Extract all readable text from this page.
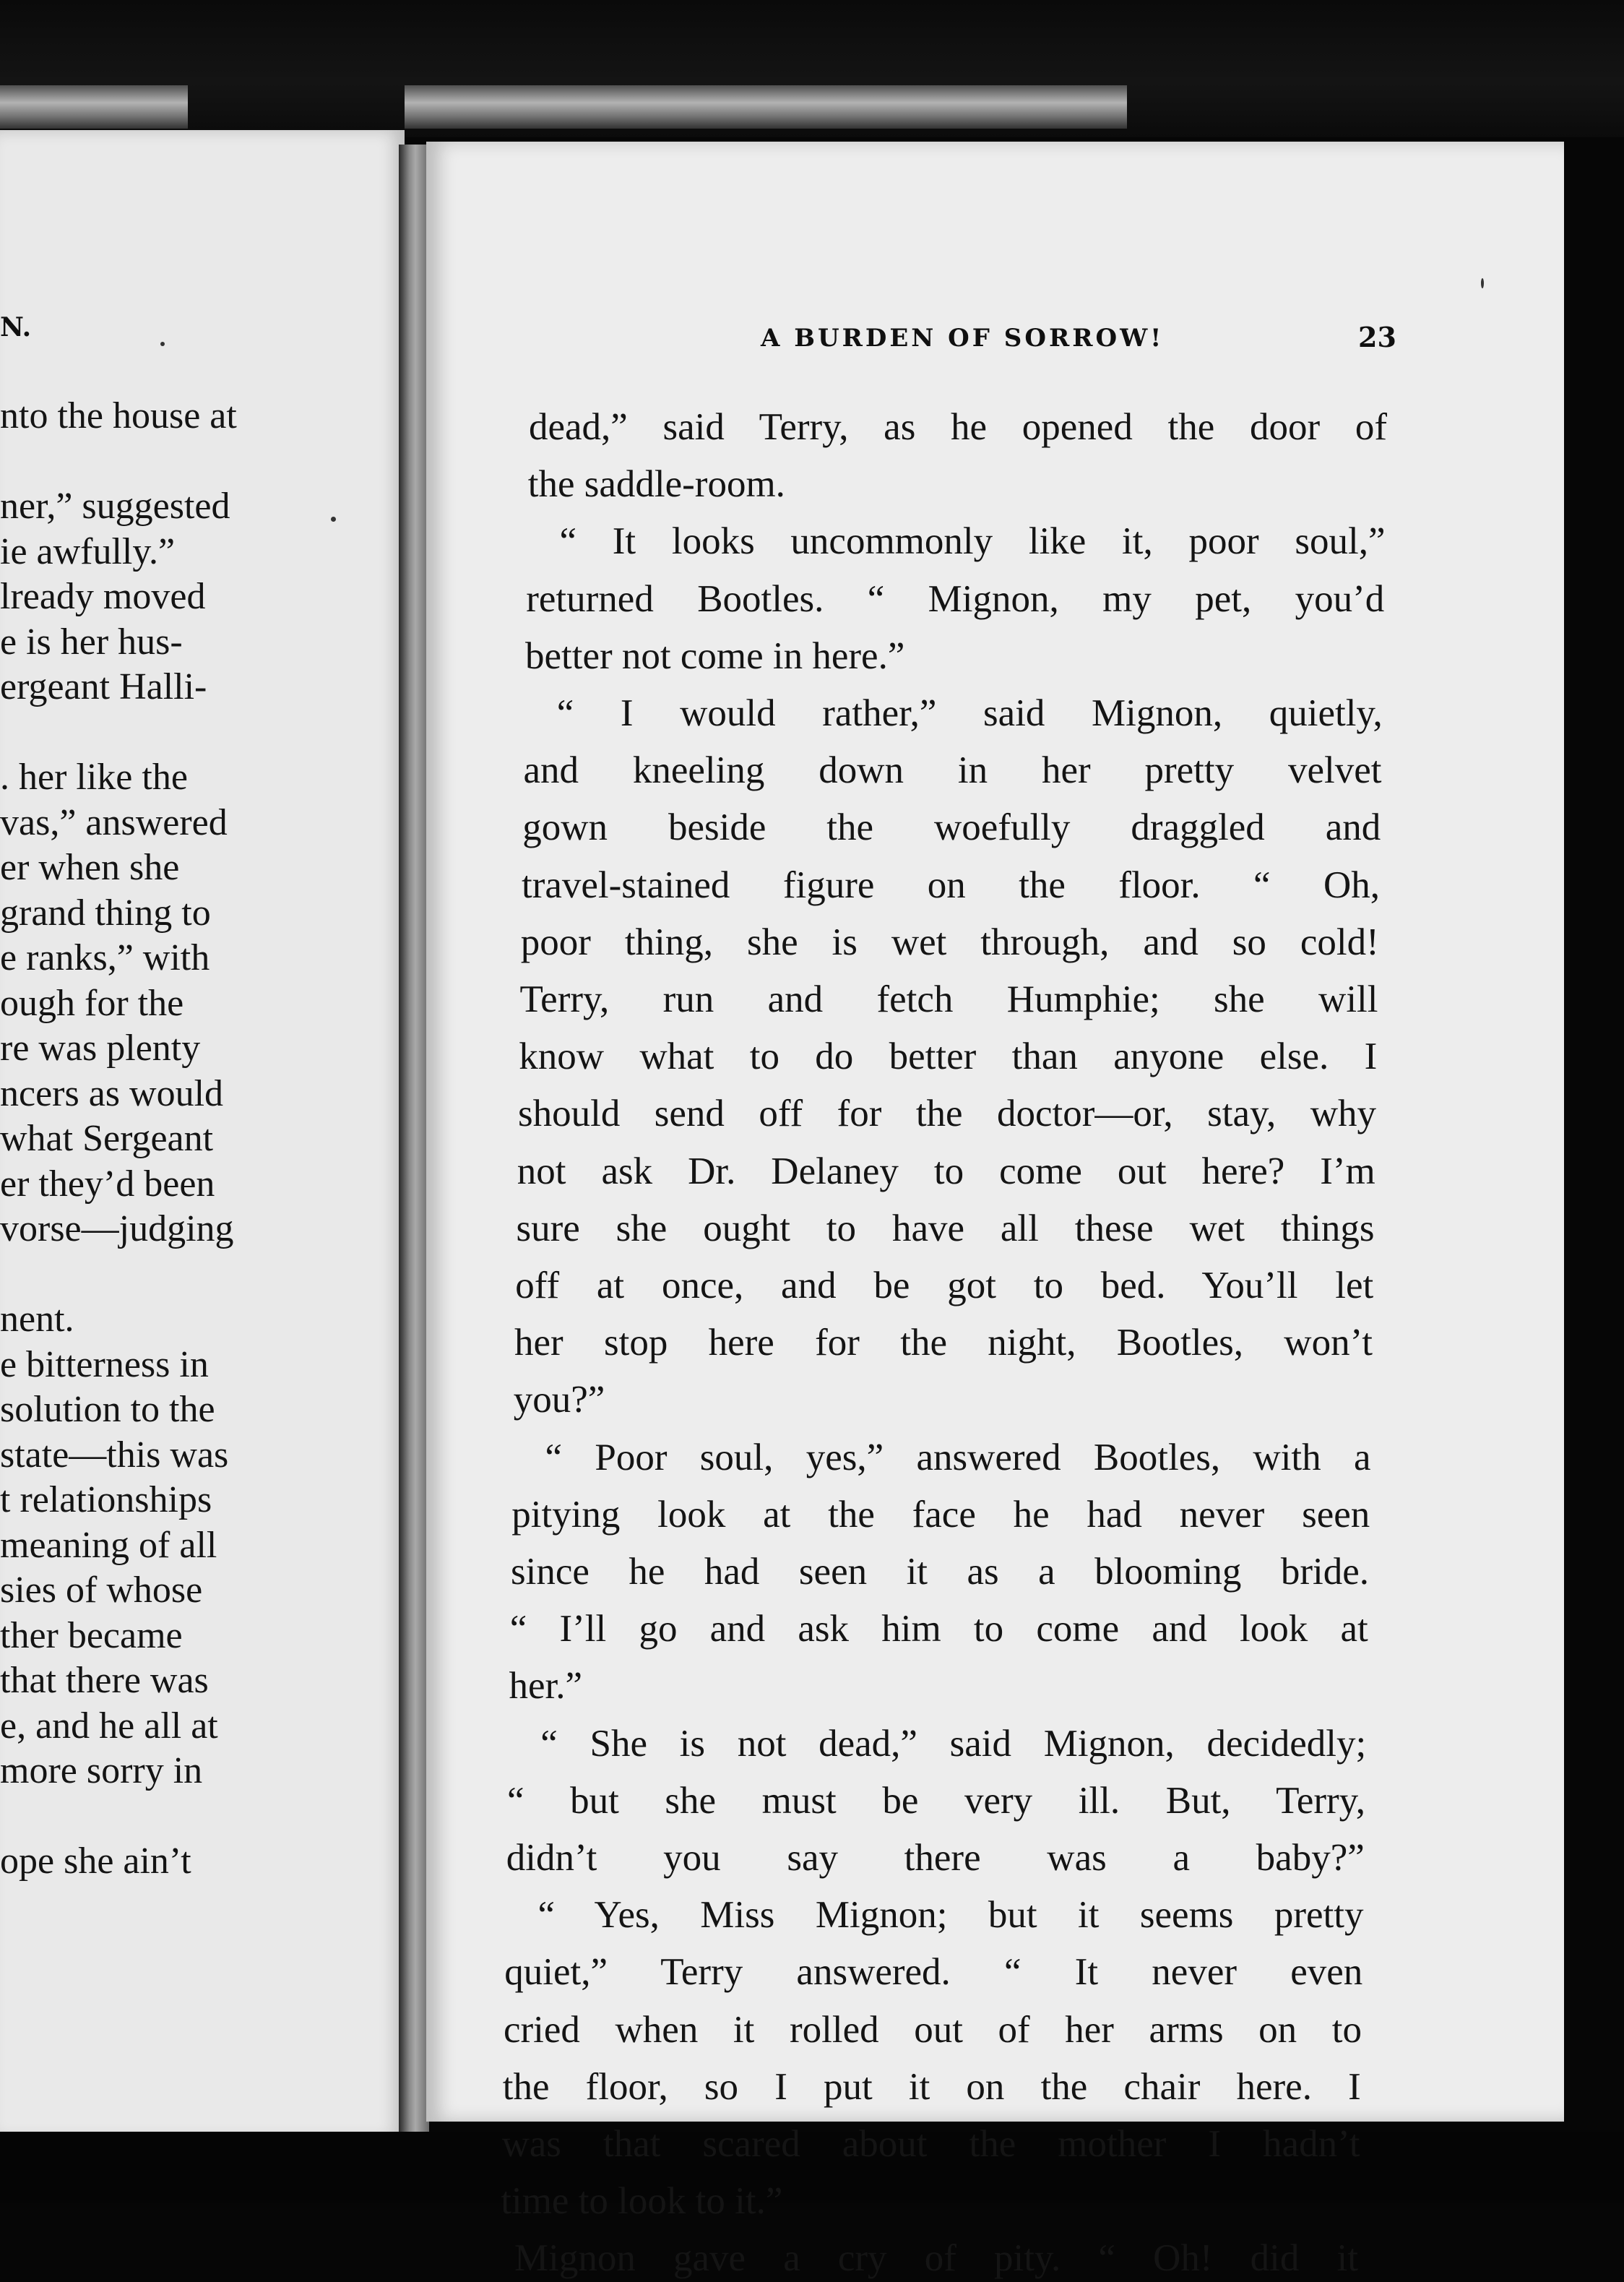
N.	A BURDEN OF SORROW!	23
nto the house at
ner,” suggested
ie awfully.”
lready moved
e is her hus-
ergeant Halli-
. her like the
vas,” answered
er when she
grand thing to
e ranks,” with
ough for the
re was plenty
ncers as would
what Sergeant
er they’d been
vorse—judging
nent.
e bitterness in
solution to the
state—this was
t relationships
meaning of all
sies of whose
ther became
that there was
e, and he all at
more sorry in
ope she ain’t
dead,” said Terry, as he opened the door of
the saddle-room.
“ It looks uncommonly like it, poor soul,”
returned Bootles. “ Mignon, my pet, you’d
better not come in here.”
“ I would rather,” said Mignon, quietly,
and kneeling down in her pretty velvet
gown beside the woefully draggled and
travel-stained figure on the floor. “ Oh,
poor thing, she is wet through, and so cold!
Terry, run and fetch Humphie; she will
know what to do better than anyone else. I
should send off for the doctor—or, stay, why
not ask Dr. Delaney to come out here? I’m
sure she ought to have all these wet things
off at once, and be got to bed. You’ll let
her stop here for the night, Bootles, won’t
you?”
“ Poor soul, yes,” answered Bootles, with a
pitying look at the face he had never seen
since he had seen it as a blooming bride.
“ I’ll go and ask him to come and look at
her.”
“ She is not dead,” said Mignon, decidedly;
“ but she must be very ill. But, Terry,
didn’t you say there was a baby?”
“ Yes, Miss Mignon; but it seems pretty
quiet,” Terry answered. “ It never even
cried when it rolled out of her arms on to
the floor, so I put it on the chair here. I
was that scared about the mother I hadn’t
time to look to it.”
Mignon gave a cry of pity. “ Oh! did it
